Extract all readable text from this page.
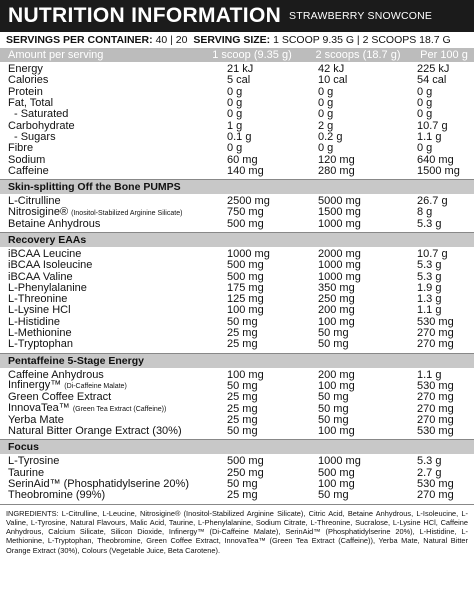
NUTRITION INFORMATION STRAWBERRY SNOWCONE
SERVINGS PER CONTAINER:
40 | 20
SERVING SIZE:
1 SCOOP 9.35 G | 2 SCOOPS 18.7 G
Amount per serving	1 scoop (9.35 g)	2 scoops (18.7 g)	Per 100 g
Energy	21 kJ	42 kJ	225 kJ
Calories	5 cal	10 cal	54 cal
Protein	0 g	0 g	0 g
Fat, Total	0 g	0 g	0 g
- Saturated	0 g	0 g	0 g
Carbohydrate	1 g	2 g	10.7 g
- Sugars	0.1 g	0.2 g	1.1 g
Fibre	0 g	0 g	0 g
Sodium	60 mg	120 mg	640 mg
Caffeine	140 mg	280 mg	1500 mg
Skin-splitting Off the Bone PUMPS
L-Citrulline	2500 mg	5000 mg	26.7 g
Nitrosigine® (Inositol-Stabilized Arginine Silicate)	750 mg	1500 mg	8 g
Betaine Anhydrous	500 mg	1000 mg	5.3 g
Recovery EAAs
iBCAA Leucine	1000 mg	2000 mg	10.7 g
iBCAA Isoleucine	500 mg	1000 mg	5.3 g
iBCAA Valine	500 mg	1000 mg	5.3 g
L-Phenylalanine	175 mg	350 mg	1.9 g
L-Threonine	125 mg	250 mg	1.3 g
L-Lysine HCl	100 mg	200 mg	1.1 g
L-Histidine	50 mg	100 mg	530 mg
L-Methionine	25 mg	50 mg	270 mg
L-Tryptophan	25 mg	50 mg	270 mg
Pentaffeine 5-Stage Energy
Caffeine Anhydrous	100 mg	200 mg	1.1 g
Infinergy™ (Di-Caffeine Malate)	50 mg	100 mg	530 mg
Green Coffee Extract	25 mg	50 mg	270 mg
InnovaTea™ (Green Tea Extract (Caffeine))	25 mg	50 mg	270 mg
Yerba Mate	25 mg	50 mg	270 mg
Natural Bitter Orange Extract (30%)	50 mg	100 mg	530 mg
Focus
L-Tyrosine	500 mg	1000 mg	5.3 g
Taurine	250 mg	500 mg	2.7 g
SerinAid™ (Phosphatidylserine 20%)	50 mg	100 mg	530 mg
Theobromine (99%)	25 mg	50 mg	270 mg
INGREDIENTS: L-Citrulline, L-Leucine, Nitrosigine® (Inositol-Stabilized Arginine Silicate), Citric Acid, Betaine Anhydrous, L-Isoleucine, L-Valine, L-Tyrosine, Natural Flavours, Malic Acid, Taurine, L-Phenylalanine, Sodium Citrate, L-Threonine, Sucralose, L-Lysine HCl, Caffeine Anhydrous, Calcium Silicate, Silicon Dioxide, Infinergy™ (Di-Caffeine Malate), SerinAid™ (Phosphatidylserine 20%), L-Histidine, L-Methionine, L-Tryptophan, Theobromine, Green Coffee Extract, InnovaTea™ (Green Tea Extract (Caffeine)), Yerba Mate, Natural Bitter Orange Extract (30%), Colours (Vegetable Juice, Beta Carotene).
